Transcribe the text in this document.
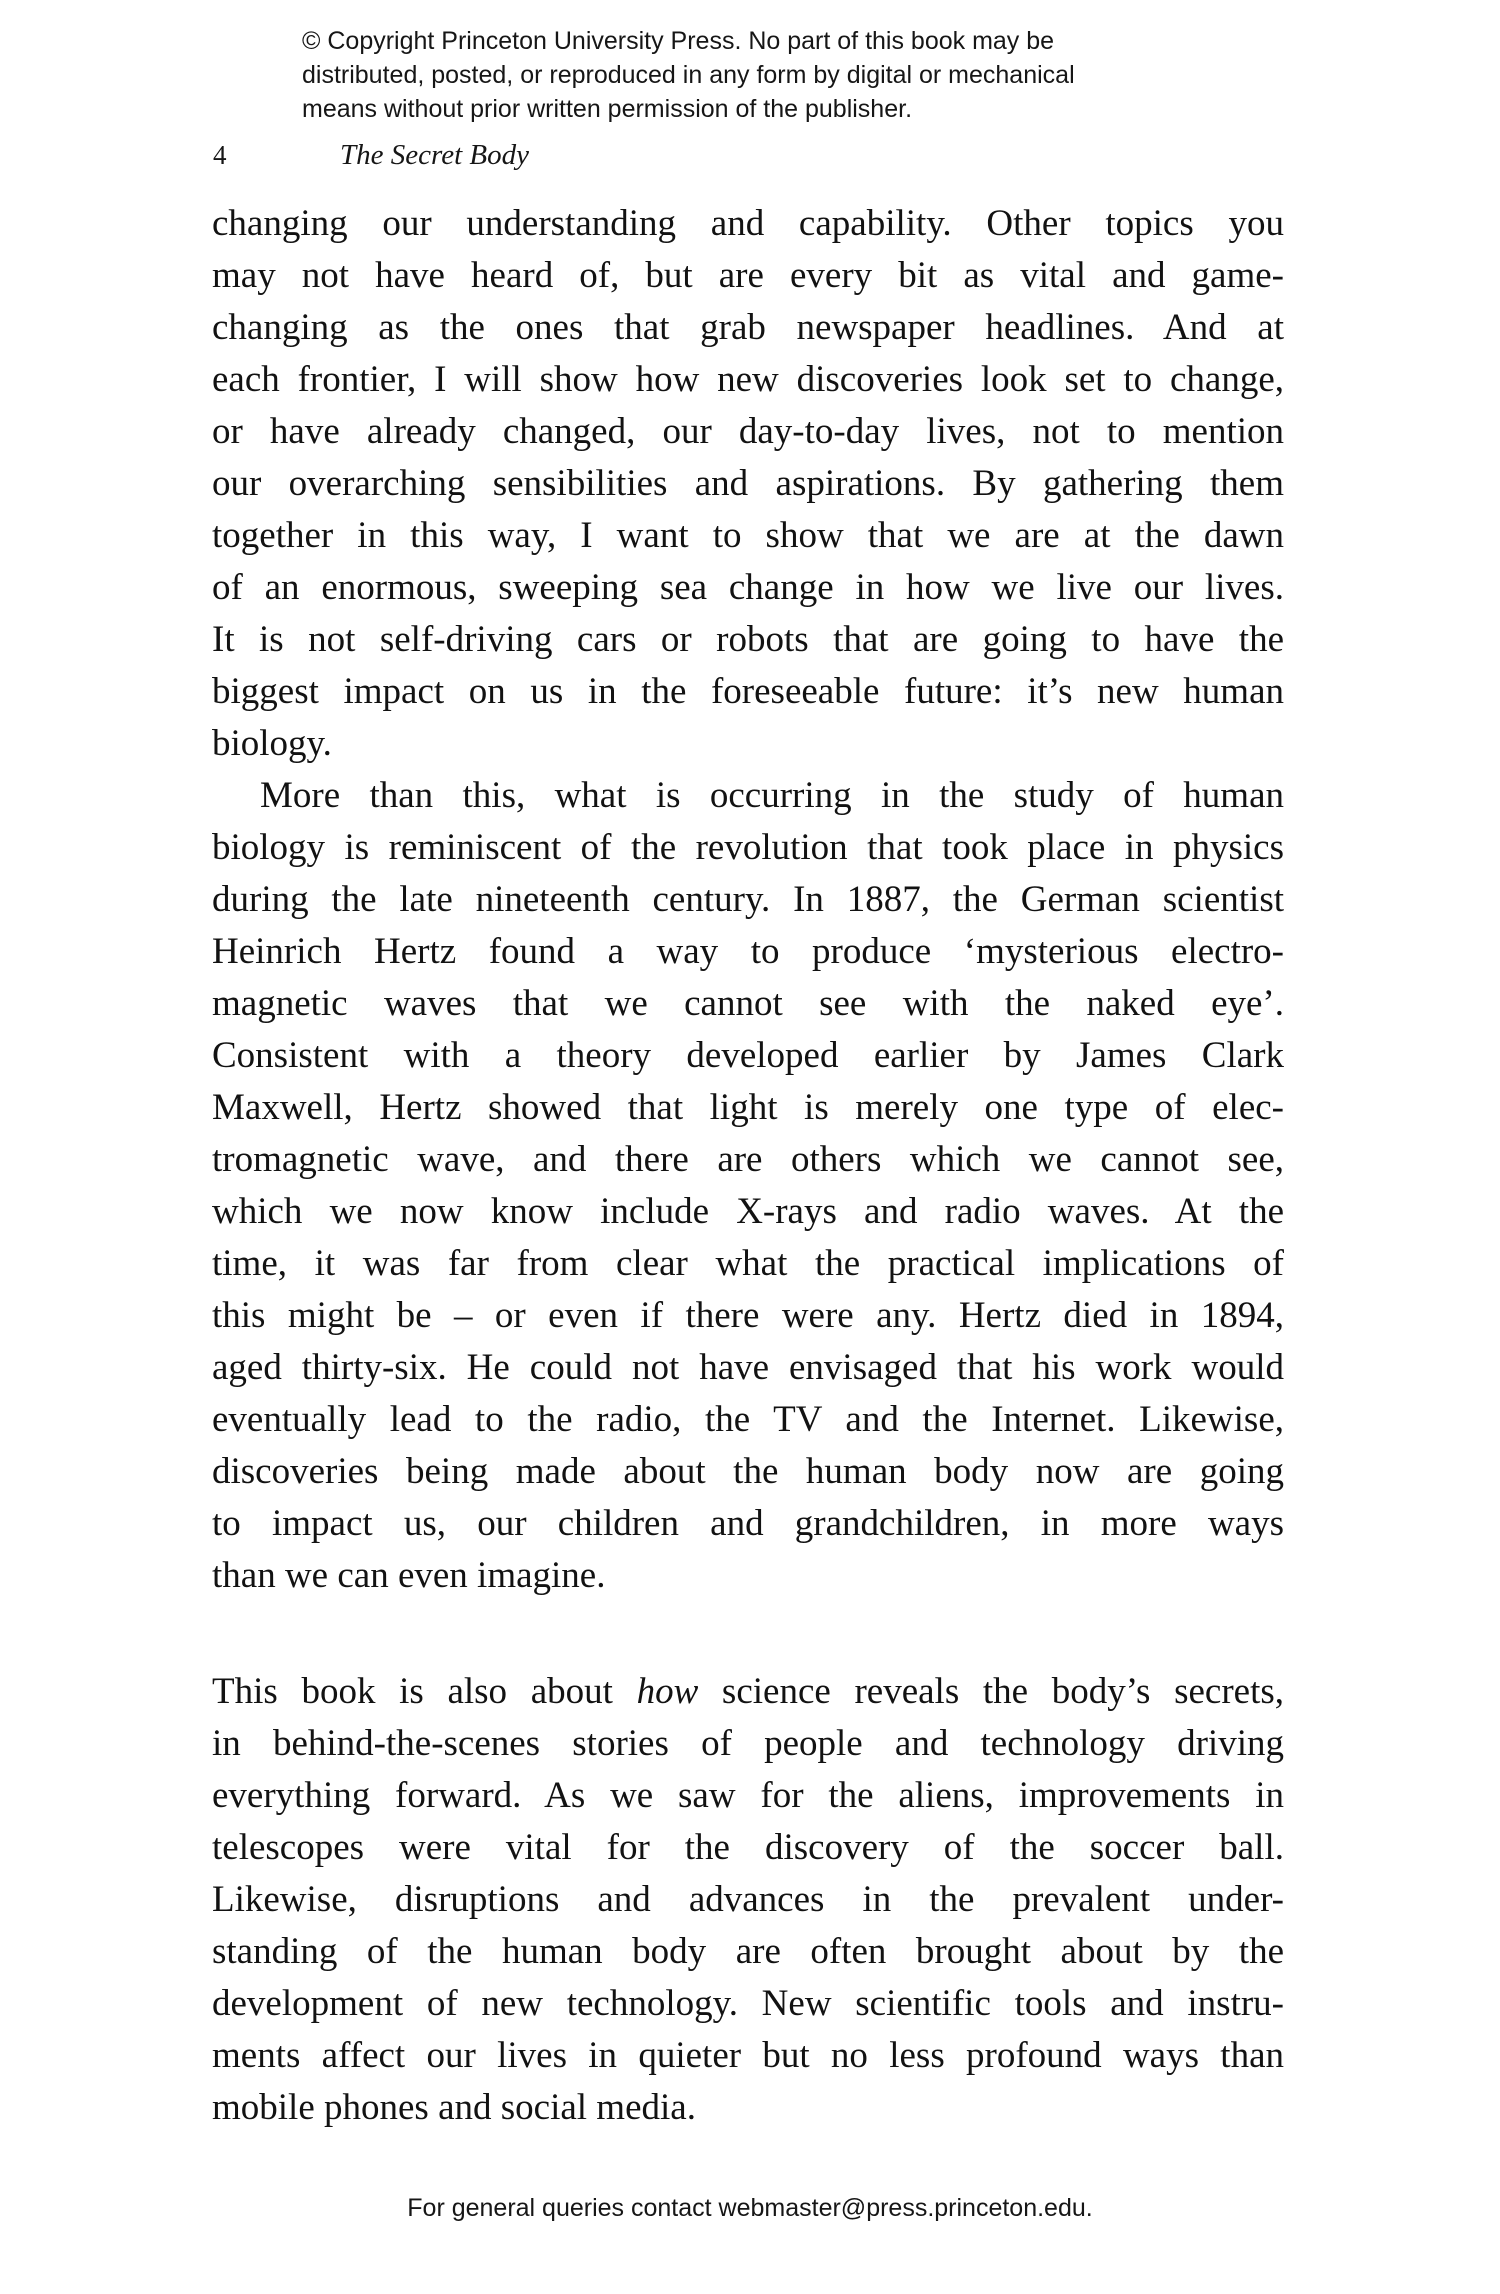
© Copyright Princeton University Press. No part of this book may be
distributed, posted, or reproduced in any form by digital or mechanical
means without prior written permission of the publisher.
4	The Secret Body
changing our understanding and capability. Other topics you
may not have heard of, but are every bit as vital and game-
changing as the ones that grab newspaper headlines. And at
each frontier, I will show how new discoveries look set to change,
or have already changed, our day-to-day lives, not to mention
our overarching sensibilities and aspirations. By gathering them
together in this way, I want to show that we are at the dawn
of an enormous, sweeping sea change in how we live our lives.
It is not self-driving cars or robots that are going to have the
biggest impact on us in the foreseeable future: it’s new human
biology.
More than this, what is occurring in the study of human
biology is reminiscent of the revolution that took place in physics
during the late nineteenth century. In 1887, the German scientist
Heinrich Hertz found a way to produce ‘mysterious electro-
magnetic waves that we cannot see with the naked eye’.
Consistent with a theory developed earlier by James Clark
Maxwell, Hertz showed that light is merely one type of elec-
tromagnetic wave, and there are others which we cannot see,
which we now know include X-rays and radio waves. At the
time, it was far from clear what the practical implications of
this might be – or even if there were any. Hertz died in 1894,
aged thirty-six. He could not have envisaged that his work would
eventually lead to the radio, the TV and the Internet. Likewise,
discoveries being made about the human body now are going
to impact us, our children and grandchildren, in more ways
than we can even imagine.
This book is also about how science reveals the body’s secrets,
in behind-the-scenes stories of people and technology driving
everything forward. As we saw for the aliens, improvements in
telescopes were vital for the discovery of the soccer ball.
Likewise, disruptions and advances in the prevalent under-
standing of the human body are often brought about by the
development of new technology. New scientific tools and instru-
ments affect our lives in quieter but no less profound ways than
mobile phones and social media.
For general queries contact webmaster@press.princeton.edu.
